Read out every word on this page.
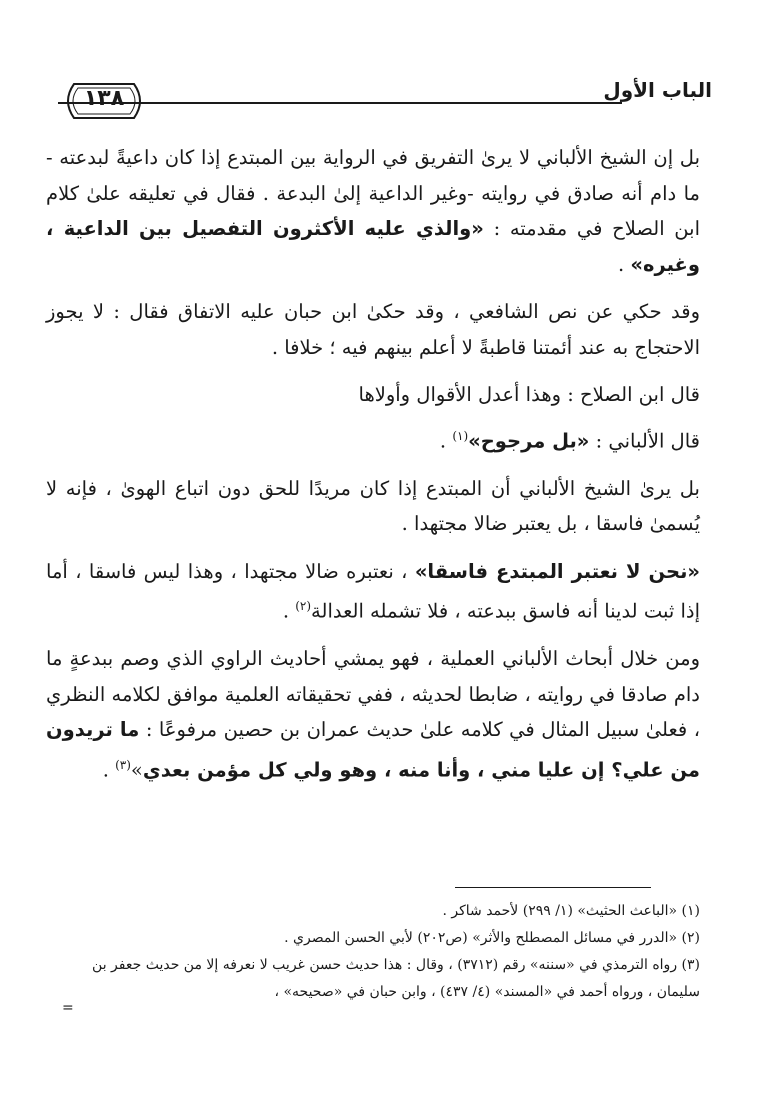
الباب الأول
١٣٨

بل إن الشيخ الألباني لا يرىٰ التفريق في الرواية بين المبتدع إذا كان داعيةً لبدعته - ما دام أنه صادق في روايته -وغير الداعية إلىٰ البدعة . فقال في تعليقه علىٰ كلام ابن الصلاح في مقدمته : «والذي عليه الأكثرون التفصيل بين الداعية ، وغيره» .

وقد حكي عن نص الشافعي ، وقد حكىٰ ابن حبان عليه الاتفاق فقال : لا يجوز الاحتجاج به عند أئمتنا قاطبةً لا أعلم بينهم فيه ؛ خلافا .

قال ابن الصلاح : وهذا أعدل الأقوال وأولاها

قال الألباني : «بل مرجوح»$^{(١)}$ .

بل يرىٰ الشيخ الألباني أن المبتدع إذا كان مريدًا للحق دون اتباع الهوىٰ ، فإنه لا يُسمىٰ فاسقا ، بل يعتبر ضالا مجتهدا .

«نحن لا نعتبر المبتدع فاسقا» ، نعتبره ضالا مجتهدا ، وهذا ليس فاسقا ، أما إذا ثبت لدينا أنه فاسق ببدعته ، فلا تشمله العدالة$^{(٢)}$ .

ومن خلال أبحاث الألباني العملية ، فهو يمشي أحاديث الراوي الذي وصم ببدعةٍ ما دام صادقا في روايته ، ضابطا لحديثه ، ففي تحقيقاته العلمية موافق لكلامه النظري ، فعلىٰ سبيل المثال في كلامه علىٰ حديث عمران بن حصين مرفوعًا : ما تريدون من علي؟ إن عليا مني ، وأنا منه ، وهو ولي كل مؤمن بعدي»$^{(٣)}$ .

(١) «الباعث الحثيث» (١/ ٢٩٩) لأحمد شاكر .

(٢) «الدرر في مسائل المصطلح والأثر» (ص٢٠٢) لأبي الحسن المصري .

(٣) رواه الترمذي في «سننه» رقم (٣٧١٢) ، وقال : هذا حديث حسن غريب لا نعرفه إلا من حديث جعفر بن سليمان ، ورواه أحمد في «المسند» (٤/ ٤٣٧) ، وابن حبان في «صحيحه» ،

=
